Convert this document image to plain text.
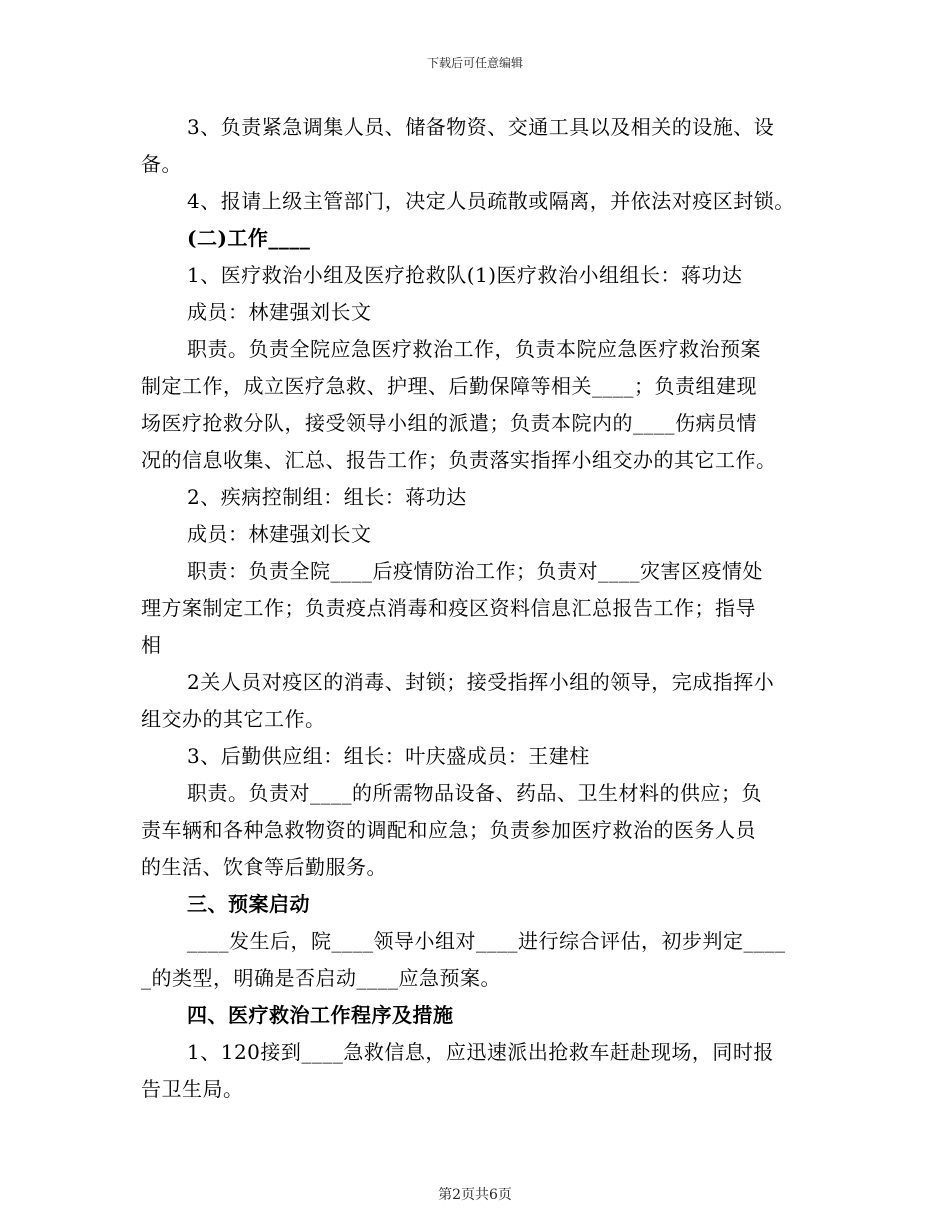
下载后可任意编辑
3、负责紧急调集人员、储备物资、交通工具以及相关的设施、设
备。
4、报请上级主管部门，决定人员疏散或隔离，并依法对疫区封锁。
(二)工作____
1、医疗救治小组及医疗抢救队(1)医疗救治小组组长：蒋功达
成员：林建强刘长文
职责。负责全院应急医疗救治工作，负责本院应急医疗救治预案
制定工作，成立医疗急救、护理、后勤保障等相关____；负责组建现
场医疗抢救分队，接受领导小组的派遣；负责本院内的____伤病员情
况的信息收集、汇总、报告工作；负责落实指挥小组交办的其它工作。
2、疾病控制组：组长：蒋功达
成员：林建强刘长文
职责：负责全院____后疫情防治工作；负责对____灾害区疫情处
理方案制定工作；负责疫点消毒和疫区资料信息汇总报告工作；指导
相
2关人员对疫区的消毒、封锁；接受指挥小组的领导，完成指挥小
组交办的其它工作。
3、后勤供应组：组长：叶庆盛成员：王建柱
职责。负责对____的所需物品设备、药品、卫生材料的供应；负
责车辆和各种急救物资的调配和应急；负责参加医疗救治的医务人员
的生活、饮食等后勤服务。
三、预案启动
____发生后，院____领导小组对____进行综合评估，初步判定____
_的类型，明确是否启动____应急预案。
四、医疗救治工作程序及措施
1、120接到____急救信息，应迅速派出抢救车赶赴现场，同时报
告卫生局。
第2页共6页
